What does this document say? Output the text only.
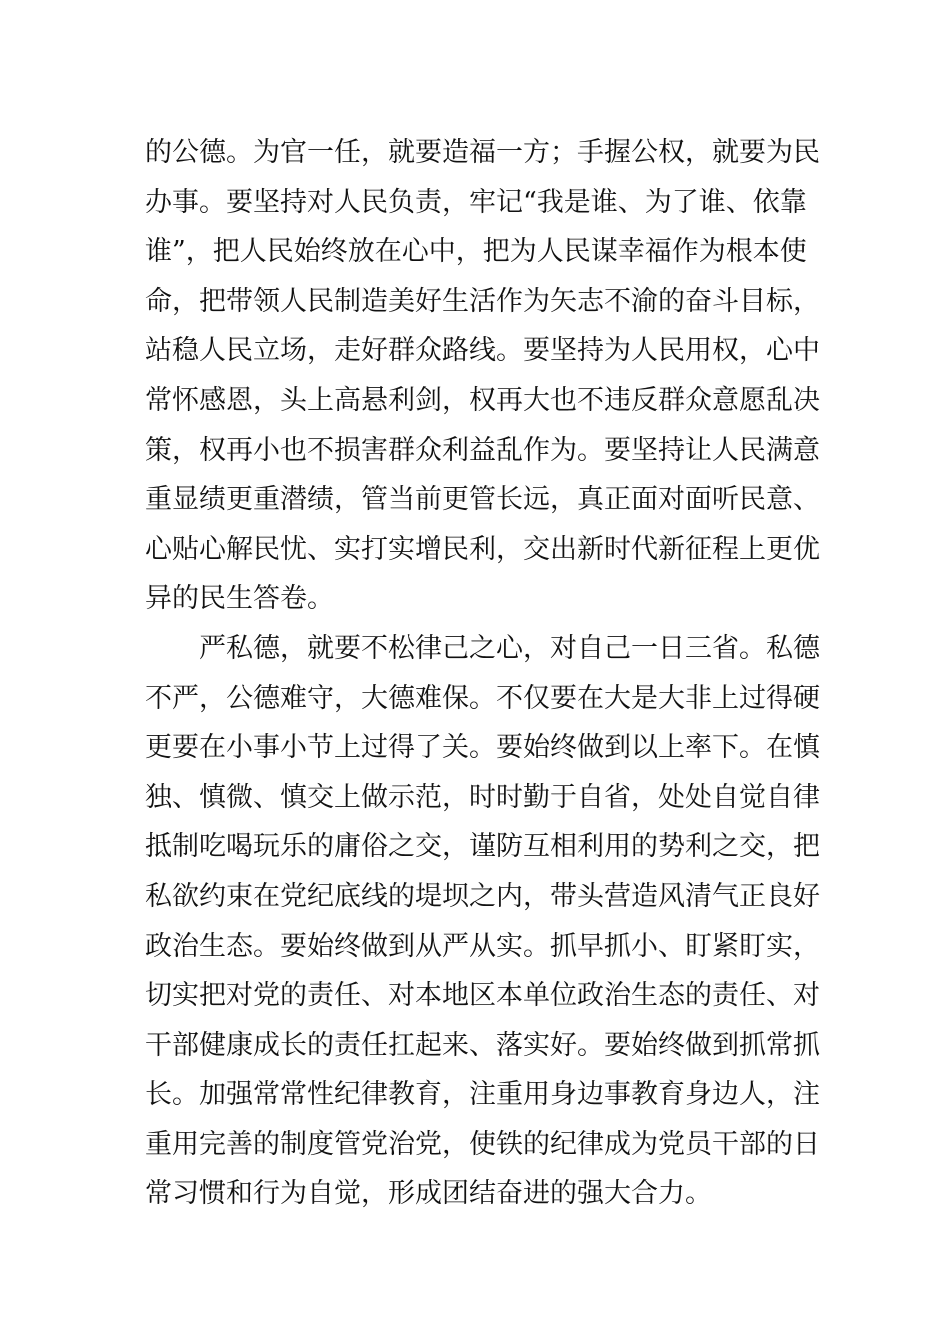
的公德。为官一任，就要造福一方；手握公权，就要为民
办事。要坚持对人民负责，牢记“我是谁、为了谁、依靠
谁”，把人民始终放在心中，把为人民谋幸福作为根本使
命，把带领人民制造美好生活作为矢志不渝的奋斗目标，
站稳人民立场，走好群众路线。要坚持为人民用权，心中
常怀感恩，头上高悬利剑，权再大也不违反群众意愿乱决
策，权再小也不损害群众利益乱作为。要坚持让人民满意
重显绩更重潜绩，管当前更管长远，真正面对面听民意、
心贴心解民忧、实打实增民利，交出新时代新征程上更优
异的民生答卷。
　　严私德，就要不松律己之心，对自己一日三省。私德
不严，公德难守，大德难保。不仅要在大是大非上过得硬
更要在小事小节上过得了关。要始终做到以上率下。在慎
独、慎微、慎交上做示范，时时勤于自省，处处自觉自律
抵制吃喝玩乐的庸俗之交，谨防互相利用的势利之交，把
私欲约束在党纪底线的堤坝之内，带头营造风清气正良好
政治生态。要始终做到从严从实。抓早抓小、盯紧盯实，
切实把对党的责任、对本地区本单位政治生态的责任、对
干部健康成长的责任扛起来、落实好。要始终做到抓常抓
长。加强常常性纪律教育，注重用身边事教育身边人，注
重用完善的制度管党治党，使铁的纪律成为党员干部的日
常习惯和行为自觉，形成团结奋进的强大合力。
